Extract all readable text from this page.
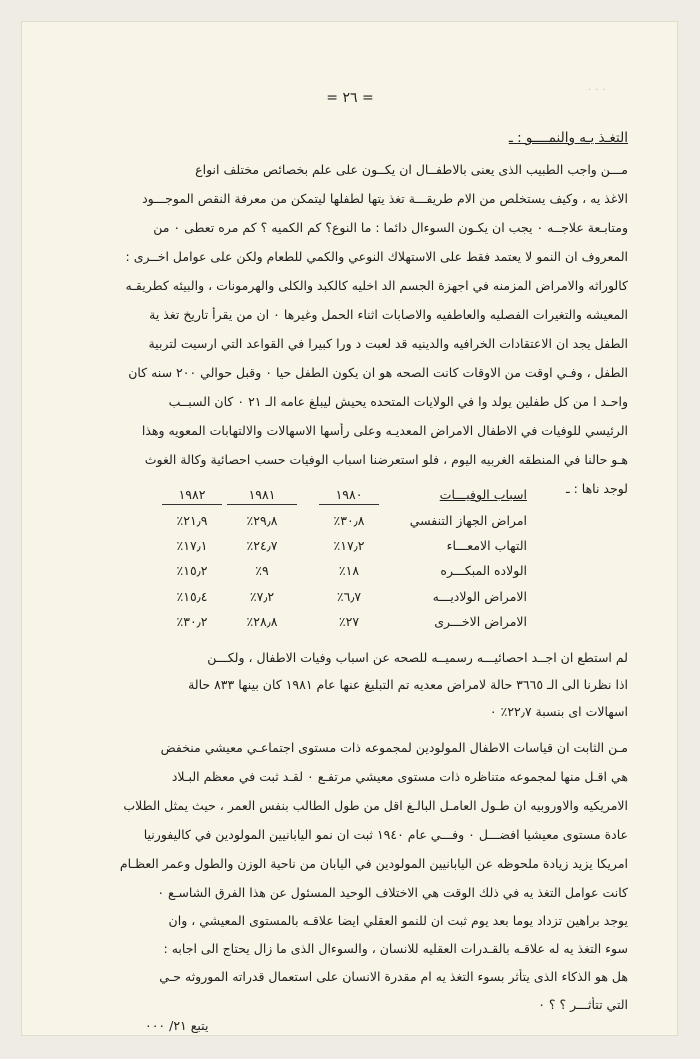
...
= ٢٦ =
التغـذ يـه والنمــــو : ـ
مـــن واجب الطبيب الذى يعنى بالاطفــال ان يكــون على علم بخصائص مختلف انواع
الاغذ يه ، وكيف يستخلص من الام طريقـــة تغذ يتها لطفلها ليتمكن من معرفة النقص الموجـــود
ومتابـعة علاجــه ٠ يجب ان يكـون السوءال دائما : ما النوع؟ كم الكميه ؟ كم مره تعطى ٠ من
المعروف ان النمو لا يعتمد فقط على الاستهلاك النوعي والكمي للطعام ولكن على عوامل اخــرى :
كالوراثه والامراض المزمنه في اجهزة الجسم الد اخليه كالكبد والكلى والهرمونات ، والبيئه كطريقـه
المعيشه والتغيرات الفصليه والعاطفيه والاصابات اثناء الحمل وغيرها ٠ ان من يقرأ تاريخ تغذ ية
الطفل يجد ان الاعتقادات الخرافيه والدينيه قد لعبت د ورا كبيرا في القواعد التي ارسيت لتربية
الطفل ، وفـي اوقت من الاوقات كانت الصحه هو ان يكون الطفل حيا ٠ وقبل حوالي ٢٠٠ سنه كان
واحـد ا من كل طفلين يولد وا في الولايات المتحده يحيش ليبلغ عامه الـ ٢١ ٠ كان السبــب
الرئيسي للوفيات في الاطفال الامراض المعديـه وعلى رأسها الاسهالات والالتهابات المعويه وهذا
هـو حالنا في المنطقه الغربيه اليوم ، فلو استعرضنا اسباب الوفيات حسب احصائية وكالة الغوث
لوجد ناها : ـ
اسباب الوفيـــات
١٩٨٠
١٩٨١
١٩٨٢
امراض الجهاز التنفسي
٣٠٫٨٪
٢٩٫٨٪
٢١٫٩٪
التهاب الامعـــاء
١٧٫٢٪
٢٤٫٧٪
١٧٫١٪
الولاده المبكـــره
١٨٪
٩٪
١٥٫٢٪
الامراض الولاديـــه
٦٫٧٪
٧٫٢٪
١٥٫٤٪
الامراض الاخـــرى
٢٧٪
٢٨٫٨٪
٣٠٫٢٪
لم استطع ان اجــد احصائيـــه رسميــه للصحه عن اسباب وفيات الاطفال ، ولكـــن
اذا نظرنا الى الـ ٣٦٦٥ حالة لامراض معديه تم التبليغ عنها عام ١٩٨١ كان بينها ٨٣٣ حالة
اسهالات اى بنسبة ٢٢٫٧٪ ٠
مـن الثابت ان قياسات الاطفال المولودين لمجموعه ذات مستوى اجتماعـي معيشي منخفض
هي اقـل منها لمجموعه متناظره ذات مستوى معيشي مرتفـع ٠ لقـد ثبت في معظم البـلاد
الامريكيه والاوروبيه ان طـول العامـل البالـغ اقل من طول الطالب بنفس العمر ، حيث يمثل الطلاب
عادة مستوى معيشيا افضـــل ٠ وفـــي عام ١٩٤٠ ثبت ان نمو اليابانيين المولودين في كاليفورنيا
امريكا يزيد زيادة ملحوظه عن اليابانيين المولودين في اليابان من ناحية الوزن والطول وعمر العظـام
كانت عوامل التغذ يه في ذلك الوقت هي الاختلاف الوحيد المسئول عن هذا الفرق الشاسـع ٠
يوجد براهين تزداد يوما بعد يوم ثبت ان للنمو العقلي ايضا علاقـه بالمستوى المعيشي ، وان
سوء التغذ يه له علاقـه بالقـدرات العقليه للانسان ، والسوءال الذى ما زال يحتاج الى اجابه :
هل هو الذكاء الذى يتأثر بسوء التغذ يه ام مقدرة الانسان على استعمال قدراته الموروثه حـي
التي تتأثـــر ؟ ؟ ٠
يتبع ٢١/ ٠٠٠
